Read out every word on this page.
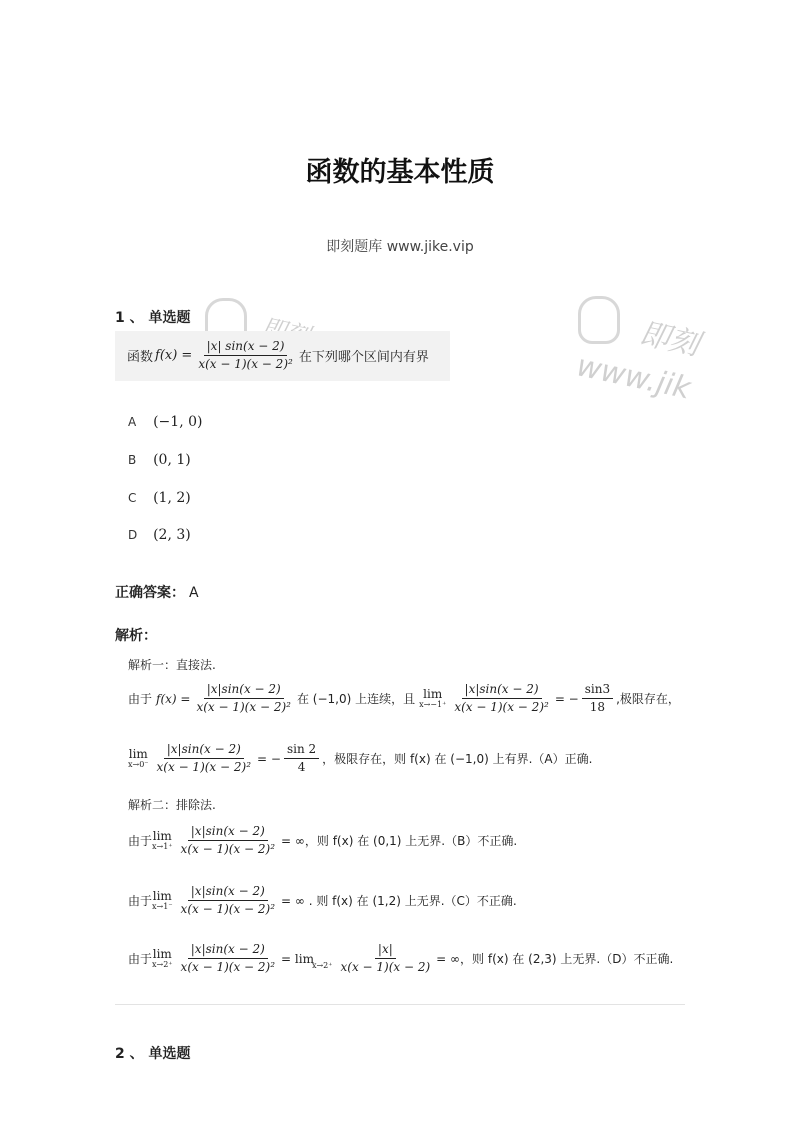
函数的基本性质
即刻题库 www.jike.vip
即刻
www.jik
1 、 单选题
函数 $f(x) = \frac{|x| \sin(x - 2)}{\text{x(x − 1)(x − 2)²}}$ 在下列哪个区间内有界
A (−1, 0)
B (0, 1)
C (1, 2)
D (2, 3)
正确答案： A
解析：
解析一：直接法.
由于 $f(x) = \frac{|x|\sin(x - 2)}{\text{x(x − 1)(x − 2)²}}$ 在 (−1,0) 上连续，且 lim
$x\to-1^+ \frac{|x|\sin(x - 2)}{\text{x(x − 1)(x − 2)²}}$ = − $\frac{\sin 3}{18}$ ,极限存在，
lim
$x\to 0^- \frac{|x|\sin(x - 2)}{\text{x(x − 1)(x − 2)²}}$ = − $\frac{\sin 2}{4}$ ，极限存在，则 f(x) 在 (−1,0) 上有界.（A）正确.
解析二：排除法.
由于 lim
$x\to 1^+ \frac{|x|\sin(x - 2)}{\text{x(x − 1)(x − 2)²}}$ = ∞，则 f(x) 在 (0,1) 上无界.（B）不正确.
由于 lim
$x\to 1^- \frac{|x|\sin(x - 2)}{\text{x(x − 1)(x − 2)²}}$ = ∞ . 则 f(x) 在 (1,2) 上无界.（C）不正确.
由于 lim
$x\to 2^+ \frac{|x|\sin(x - 2)}{\text{x(x − 1)(x − 2)²}} = \lim$
$x\to 2^+ \frac{|x|}{x(x - 1)(x - 2)}$ = ∞，则 f(x) 在 (2,3) 上无界.（D）不正确.
2 、 单选题
